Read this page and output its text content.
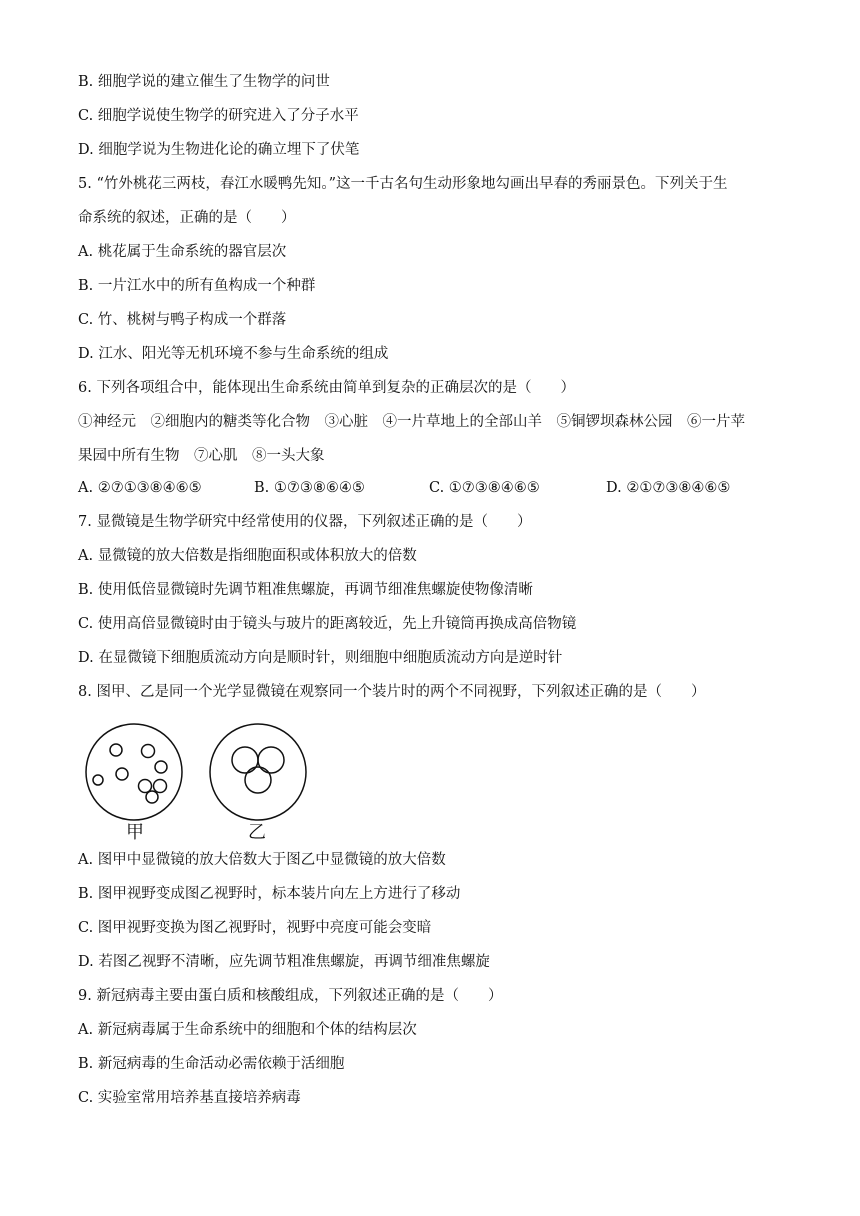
B. 细胞学说的建立催生了生物学的问世
C. 细胞学说使生物学的研究进入了分子水平
D. 细胞学说为生物进化论的确立埋下了伏笔
5. “竹外桃花三两枝，春江水暖鸭先知。”这一千古名句生动形象地勾画出早春的秀丽景色。下列关于生
命系统的叙述，正确的是（　　）
A. 桃花属于生命系统的器官层次
B. 一片江水中的所有鱼构成一个种群
C. 竹、桃树与鸭子构成一个群落
D. 江水、阳光等无机环境不参与生命系统的组成
6. 下列各项组合中，能体现出生命系统由简单到复杂的正确层次的是（　　）
①神经元　②细胞内的糖类等化合物　③心脏　④一片草地上的全部山羊　⑤铜锣坝森林公园　⑥一片苹
果园中所有生物　⑦心肌　⑧一头大象
A. ②⑦①③⑧④⑥⑤	B. ①⑦③⑧⑥④⑤	C. ①⑦③⑧④⑥⑤	D. ②①⑦③⑧④⑥⑤
7. 显微镜是生物学研究中经常使用的仪器，下列叙述正确的是（　　）
A. 显微镜的放大倍数是指细胞面积或体积放大的倍数
B. 使用低倍显微镜时先调节粗准焦螺旋，再调节细准焦螺旋使物像清晰
C. 使用高倍显微镜时由于镜头与玻片的距离较近，先上升镜筒再换成高倍物镜
D. 在显微镜下细胞质流动方向是顺时针，则细胞中细胞质流动方向是逆时针
8. 图甲、乙是同一个光学显微镜在观察同一个装片时的两个不同视野，下列叙述正确的是（　　）
甲	乙
A. 图甲中显微镜的放大倍数大于图乙中显微镜的放大倍数
B. 图甲视野变成图乙视野时，标本装片向左上方进行了移动
C. 图甲视野变换为图乙视野时，视野中亮度可能会变暗
D. 若图乙视野不清晰，应先调节粗准焦螺旋，再调节细准焦螺旋
9. 新冠病毒主要由蛋白质和核酸组成，下列叙述正确的是（　　）
A. 新冠病毒属于生命系统中的细胞和个体的结构层次
B. 新冠病毒的生命活动必需依赖于活细胞
C. 实验室常用培养基直接培养病毒
